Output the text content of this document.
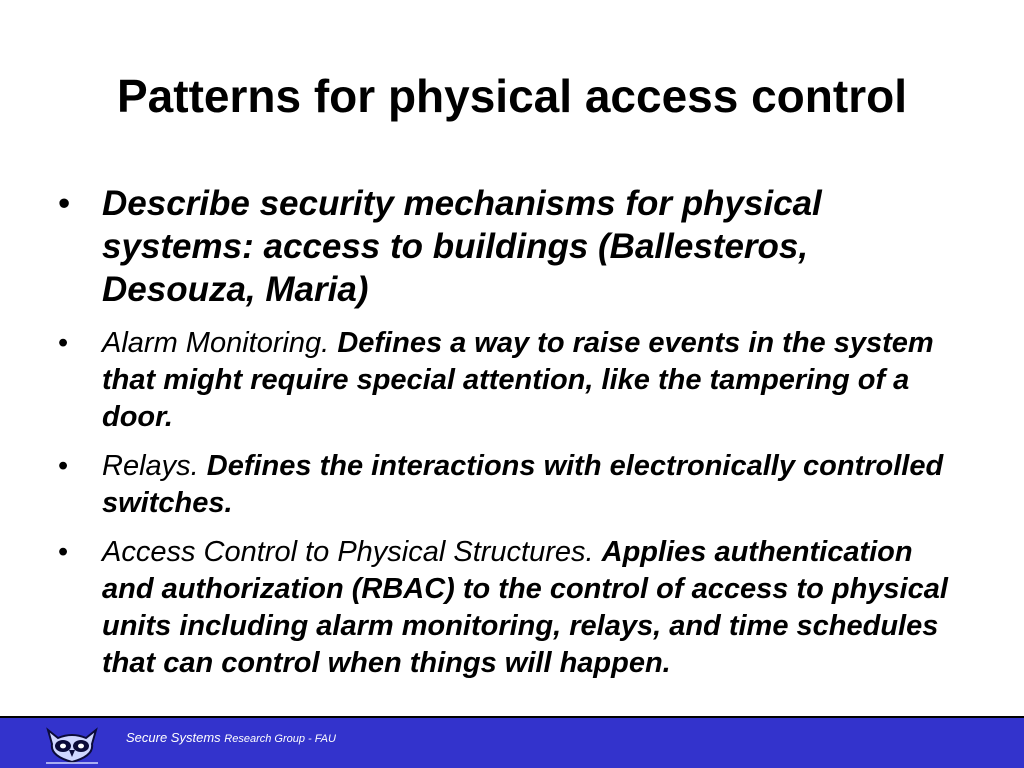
Patterns for physical access control
• Describe security mechanisms for physical systems: access to buildings (Ballesteros, Desouza, Maria)
• Alarm Monitoring. Defines a way to raise events in the system that might require special attention, like the tampering of a door.
• Relays. Defines the interactions with electronically controlled switches.
• Access Control to Physical Structures. Applies authentication and authorization (RBAC) to the control of access to physical units including alarm monitoring, relays, and time schedules that can control when things will happen.
Secure Systems Research Group - FAU
